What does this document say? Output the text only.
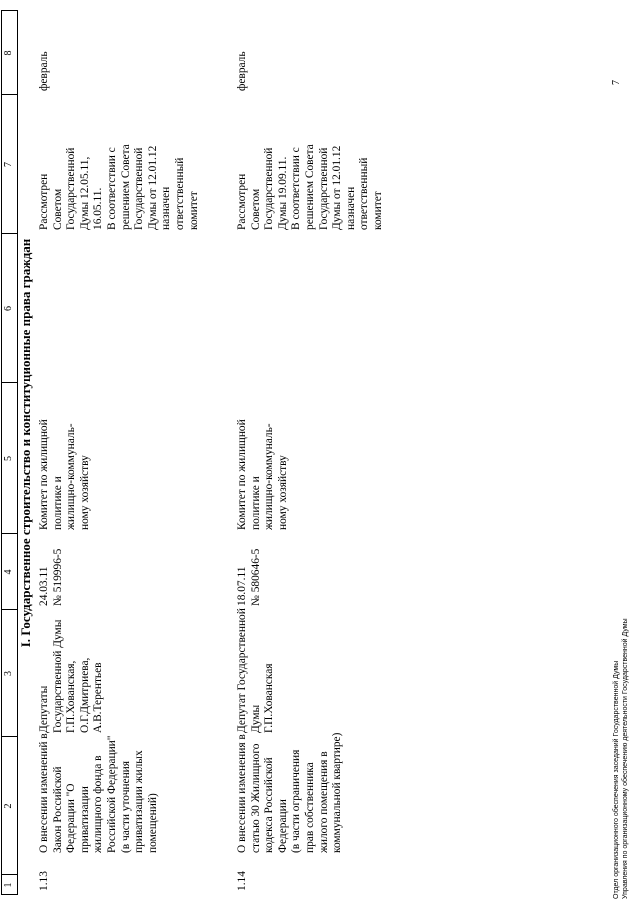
1
2
3
4
5
6
7
8
I. Государственное строительство и конституционные права граждан

1.13

О внесении изменений в
Закон Российской
Федерации "О
приватизации
жилищного фонда в
Российской Федерации"
(в части уточнения
приватизации жилых
помещений)

Депутаты
Государственной Думы
Г.П.Хованская,
О.Г.Дмитриева,
А.В.Терентьев

24.03.11
№ 519996-5

Комитет по жилищной
политике и
жилищно-коммуналь-
ному хозяйству

Рассмотрен
Советом
Государственной
Думы 12.05.11,
16.05.11.
В соответствии с
решением Совета
Государственной
Думы от 12.01.12
назначен
ответственный
комитет

февраль

1.14

О внесении изменения в
статью 30 Жилищного
кодекса Российской
Федерации
(в части ограничения
прав собственника
жилого помещения в
коммунальной квартире)

Депутат Государственной
Думы
Г.П.Хованская

18.07.11
№ 580646-5

Комитет по жилищной
политике и
жилищно-коммуналь-
ному хозяйству

Рассмотрен
Советом
Государственной
Думы 19.09.11.
В соответствии с
решением Совета
Государственной
Думы от 12.01.12
назначен
ответственный
комитет

февраль

Отдел организационного обеспечения заседаний Государственной Думы Управления по организационному обеспечению деятельности Государственной Думы
7
